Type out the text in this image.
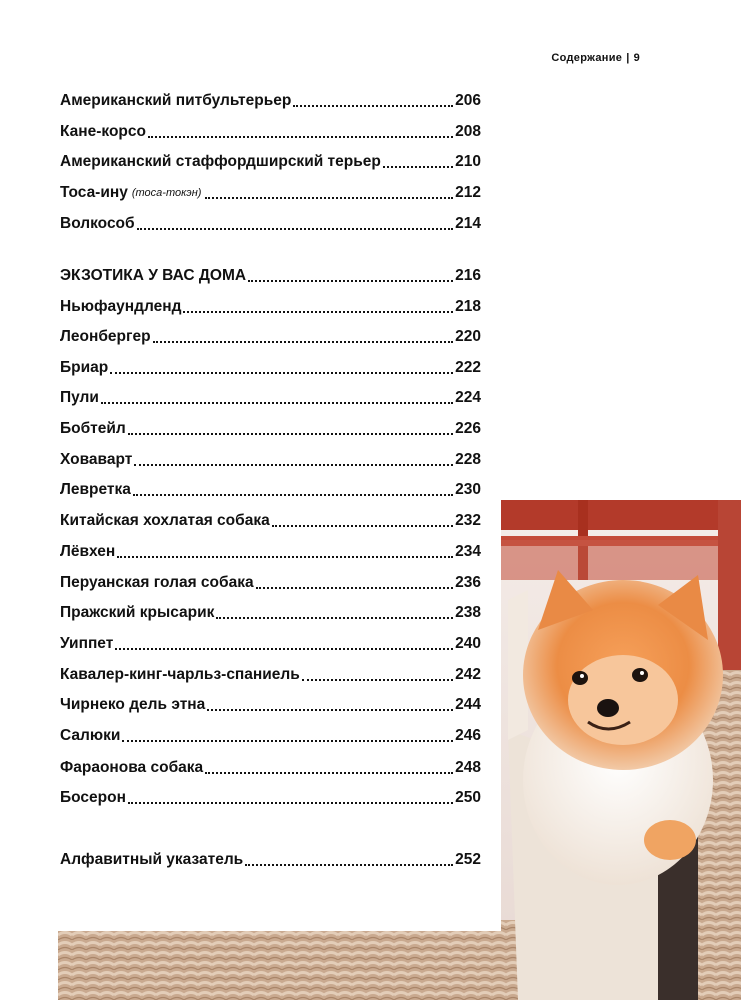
Содержание | 9
Американский питбультерьер	206
Кане-корсо	208
Американский стаффордширский терьер	210
Тоса-ину (тоса-токэн)	212
Волкособ	214
ЭКЗОТИКА У ВАС ДОМА	216
Ньюфаундленд	218
Леонбергер	220
Бриар	222
Пули	224
Бобтейл	226
Ховаварт	228
Левретка	230
Китайская хохлатая собака	232
Лёвхен	234
Перуанская голая собака	236
Пражский крысарик	238
Уиппет	240
Кавалер-кинг-чарльз-спаниель	242
Чирнеко дель этна	244
Салюки	246
Фараонова собака	248
Босерон	250
Алфавитный указатель	252
